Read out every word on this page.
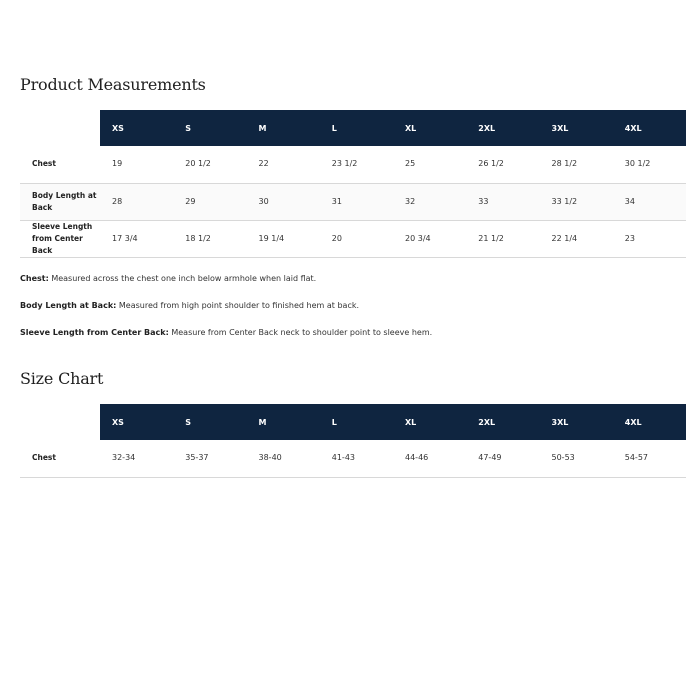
Product Measurements
	XS	S	M	L	XL	2XL	3XL	4XL
Chest	19	20 1/2	22	23 1/2	25	26 1/2	28 1/2	30 1/2
Body Length at Back	28	29	30	31	32	33	33 1/2	34
Sleeve Length from Center Back	17 3/4	18 1/2	19 1/4	20	20 3/4	21 1/2	22 1/4	23

Chest: Measured across the chest one inch below armhole when laid flat.

Body Length at Back: Measured from high point shoulder to finished hem at back.

Sleeve Length from Center Back: Measure from Center Back neck to shoulder point to sleeve hem.

Size Chart
	XS	S	M	L	XL	2XL	3XL	4XL
Chest	32-34	35-37	38-40	41-43	44-46	47-49	50-53	54-57
